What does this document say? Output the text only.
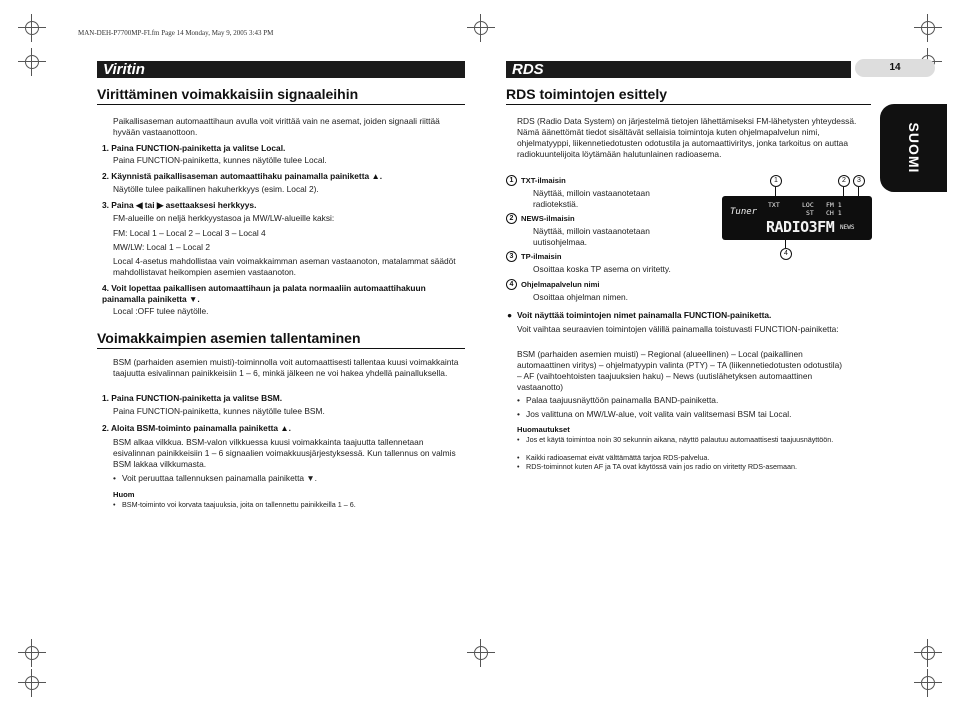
MAN-DEH-P7700MP-FI.fm Page 14 Monday, May 9, 2005 3:43 PM
Viritin
Virittäminen voimakkaisiin signaaleihin
Paikallisaseman automaattihaun avulla voit virittää vain ne asemat, joiden signaali riittää hyvään vastaanottoon.
1. Paina FUNCTION-painiketta ja valitse Local.
Paina FUNCTION-painiketta, kunnes näytölle tulee Local.
2. Käynnistä paikallisaseman automaattihaku painamalla painiketta ▲.
Näytölle tulee paikallinen hakuherkkyys (esim. Local 2).
3. Paina ◀ tai ▶ asettaaksesi herkkyys.
FM-alueille on neljä herkkyystasoa ja MW/LW-alueille kaksi:
FM: Local 1 – Local 2 – Local 3 – Local 4
MW/LW: Local 1 – Local 2
Local 4-asetus mahdollistaa vain voimakkaimman aseman vastaanoton, matalammat säädöt mahdollistavat heikompien asemien vastaanoton.
4. Voit lopettaa paikallisen automaattihaun ja palata normaaliin automaattihakuun painamalla painiketta ▼.
Local :OFF tulee näytölle.
Voimakkaimpien asemien tallentaminen
BSM (parhaiden asemien muisti)-toiminnolla voit automaattisesti tallentaa kuusi voimakkainta taajuutta esivalinnan painikkeisiin 1 – 6, minkä jälkeen ne voi hakea yhdellä painalluksella.
1. Paina FUNCTION-painiketta ja valitse BSM.
Paina FUNCTION-painiketta, kunnes näytölle tulee BSM.
2. Aloita BSM-toiminto painamalla painiketta ▲.
BSM alkaa vilkkua. BSM-valon vilkkuessa kuusi voimakkainta taajuutta tallennetaan esivalinnan painikkeisiin 1 – 6 signaalien voimakkuusjärjestyksessä. Kun tallennus on valmis BSM lakkaa vilkkumasta.
• Voit peruuttaa tallennuksen painamalla painiketta ▼.
Huom
• BSM-toiminto voi korvata taajuuksia, joita on tallennettu painikkeilla 1 – 6.
RDS	14
SUOMI
RDS toimintojen esittely
RDS (Radio Data System) on järjestelmä tietojen lähettämiseksi FM-lähetysten yhteydessä. Nämä äänettömät tiedot sisältävät sellaisia toimintoja kuten ohjelmapalvelun nimi, ohjelmatyyppi, liikennetiedotusten odotustila ja automaattiviritys, jonka tarkoitus on auttaa radiokuuntelijoita löytämään halutunlainen radioasema.
1 TXT-ilmaisin
Näyttää, milloin vastaanotetaan radiotekstiä.
2 NEWS-ilmaisin
Näyttää, milloin vastaanotetaan uutisohjelmaa.
3 TP-ilmaisin
Osoittaa koska TP asema on viritetty.
4 Ohjelmapalvelun nimi
Osoittaa ohjelman nimen.
1	2	3
Tuner
TXT	LOC FM 1
ST CH 1
RADIO3FM NEWS
4
● Voit näyttää toimintojen nimet painamalla FUNCTION-painiketta.
Voit vaihtaa seuraavien toimintojen välillä painamalla toistuvasti FUNCTION-painiketta:
BSM (parhaiden asemien muisti) – Regional (alueellinen) – Local (paikallinen automaattinen viritys) – ohjelmatyypin valinta (PTY) – TA (liikennetiedotusten odotustila) – AF (vaihtoehtoisten taajuuksien haku) – News (uutislähetyksen automaattinen vastaanotto)
• Palaa taajuusnäyttöön painamalla BAND-painiketta.
• Jos valittuna on MW/LW-alue, voit valita vain valitsemasi BSM tai Local.
Huomautukset
• Jos et käytä toimintoa noin 30 sekunnin aikana, näyttö palautuu automaattisesti taajuusnäyttöön.
• Kaikki radioasemat eivät välttämättä tarjoa RDS-palvelua.
• RDS-toiminnot kuten AF ja TA ovat käytössä vain jos radio on viritetty RDS-asemaan.
